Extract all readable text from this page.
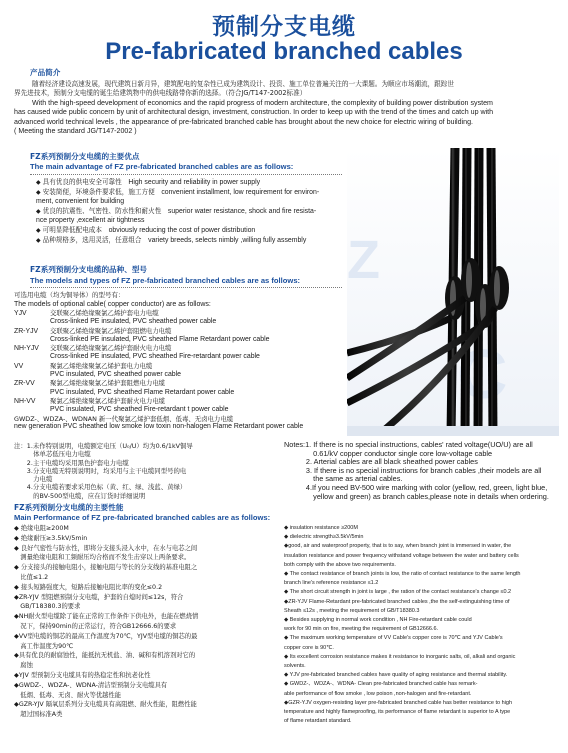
预制分支电缆
Pre-fabricated branched cables
产品简介
随着经济建设高速发展，现代建筑日新月异，建筑配电的复杂性已成为建筑设计、投资、施工单位普遍关注的一大课题。为顺应市场潮流，跟踪世
界先进技术，预制分支电缆的诞生给建筑物中的供电线路带你新的选择。（符合JG/T147-2002标准）
With the high-speed development of economics and the rapid progress of modern architecture, the complexity of building power distribution system
has caused wide public concern by unit of architectural design, investment, construction. In order to keep up with the trend of the times and catch up with
advanced world technical levels , the appearance of pre-fabricated branched cable has brought about the new choice for electric wiring of building.
( Meeting the standard JG/T147-2002 )
FZ系列预制分支电缆的主要优点
The main advantage of FZ pre-fabricated branched cables are as follows:
◆ 具有优良的供电安全可靠性　 High security and reliability in power supply
◆ 安装简便，环境条件要求低，施工方便　 convenient installment, low requirement for environ-
ment, convenient for building
◆ 优良的抗震性、气密性、防水性和耐火性　 superior water resistance, shock and fire resista-
nce property ,excellent air tightness
◆ 可明显降低配电成本　 obviously reducing the cost of power distribution
◆ 品种规格多，选用灵活，任意组合　 variety breeds, selects nimbly ,willing fully assembly
FZ系列预制分支电缆的品种、型号
The models and types of FZ pre-fabricated branched cables are as follows:
可选用电缆（均为铜导体）的型号有：
The models of optional cable( copper conductor) are as follows:
YJV	交联聚乙烯绝缘聚氯乙烯护套电力电缆
Cross-linked PE insulated, PVC sheathed power cable
ZR-YJV 交联聚乙烯绝缘聚氯乙烯护套阻燃电力电缆
Cross-linked PE insulated, PVC sheathed Flame Retardant power cable
NH-YJV 交联聚乙烯绝缘聚氯乙烯护套耐火电力电缆
Cross-linked PE insulated, PVC sheathed Fire-retardant power cable
VV	聚氯乙烯绝缘聚氯乙烯护套电力电缆
PVC insulated, PVC sheathed power cable
ZR-VV 聚氯乙烯绝缘聚氯乙烯护套阻燃电力电缆
PVC insulated, PVC sheathed Flame Retardant power cable
NH-VV 聚氯乙烯绝缘聚氯乙烯护套耐火电力电缆
PVC insulated, PVC sheathed Fire-retardant t power cable
GWDZ-、WDZA-、WDNAN 新一代聚氯乙烯护套低烟、低毒、无卤电力电缆
new generation PVC sheathed low smoke low toxin non-halogen Flame Retardant power cable
注：1.未作特别说明，电缆额定电压（U₀/U）均为0.6/1kV铜导
　　　体单芯低压电力电缆
　　2.主干电缆均采用黑色护套电力电缆
　　3.分支电缆无特别说明时，均采用与主干电缆同型号的电
　　　力电缆
　　4.分支电缆若要求采用色标（黄、红、绿、浅蓝、黄绿）
　　　的BV-500型电缆，应在订货时详细说明
Notes:1. If there is no special instructions, cables' rated voltage(UO/U) are all
　　　　0.61/kV copper conductor single core low-voltage cable
　　　2. Arterial cables are all black sheathed power cables
　　　3. If there is no special instructions for branch cables ,their models are all
　　　　the same as arterial cables.
　　　4.If you need BV-500 wire marking with color (yellow, red, green, light blue,
　　　　yellow and green) as branch cables,please note in details when ordering.
FZ系列预制分支电缆的主要性能
Main Performance of FZ pre-fabricated branched cables are as follows:
◆ 绝缘电阻≥200M
◆ 绝缘耐压≥3.5kV/5min
◆ 良好气密性与防水性，即将分支接头浸入水中，在水与电芯之间
　测量绝缘电阻和工频耐压均合格而不发生击穿以上两条要求。
◆ 分支接头的接触电阻小，接触电阻与等长的分支线的基准电阻之
　比值≤1.2
◆ 接头短路强度大，短路后接触电阻比率的变化≤0.2
◆ZR-YJV 型阻燃预制分支电缆，护套的自熄时间≤12s，符合
　GB/T18380.3的要求
◆NH耐火型电缆除了能在正常的工作条件下供电外，也能在燃烧情
　况下，保持90min的正常运行，符合GB12666.6的要求
◆VV型电缆的铜芯的最高工作温度为70℃，YJV型电缆的铜芯的最
　高工作温度为90℃
◆具有优良的耐腐蚀性，能抵抗无机盐、油、碱和有机溶剂对它的
　腐蚀
◆YJV 型预制分支电缆具有的热稳定性和抗老化性
◆GWDZ-、WDZA-、WDNA-清洁型预制分支电缆具有
　低烟、低毒、无卤、耐火等优越性能
◆GZR-YJV 隔氧层系列分支电缆具有高阻燃、耐火性能，阻燃性能
　超过国标准A类
◆ insulation resistance ≥200M
◆ dielectric strength≥3.5kV/5min
◆good, air and waterproof property, that is to say, when branch joint is immersed in water, the
insulation resistance and power frequency withstand voltage between the water and battery cells
both comply with the above two requirements.
◆ The contact resistance of branch joints is low, the ratio of contact resistance to the same length
branch line's reference resistance ≤1.2
◆ The short circuit strength in joint is large , the ration of the contact resistance's change ≤0.2
◆ZR-YJV Flame-Retardant pre-fabricated branched cables ,the the self-extinguishing time of
Sheath ≤12s , meeting the requirement of GB/T18380.3
◆ Besides supplying in normal work condition , NH Fire-retardant cable could
work for 90 min on fire, meeting the requirement of GB12666.6.
◆ The maximum working temperature of VV Cable's copper core is 70℃ and YJV Cable's
copper core is 90℃.
◆ Its excellent corrosion resistance makes it resistance to inorganic salts, oil, alkali and organic
solvents.
◆ YJV pre-fabricated branched cables have quality of aging resistance and thermal stability.
◆ GWDZ-、WDZA-、WDNA- Clean pre-fabricated branched cable has remark-
able performance of flow smoke , low poison ,non-halogen and fire-retardant.
◆GZR-YJV oxygen-resisting layer pre-fabricated branched cable has better resistance to high
temperature and highly flameproofing, its performance of flame retardant is superior to A type
of flame retardant standard.
Z
C
